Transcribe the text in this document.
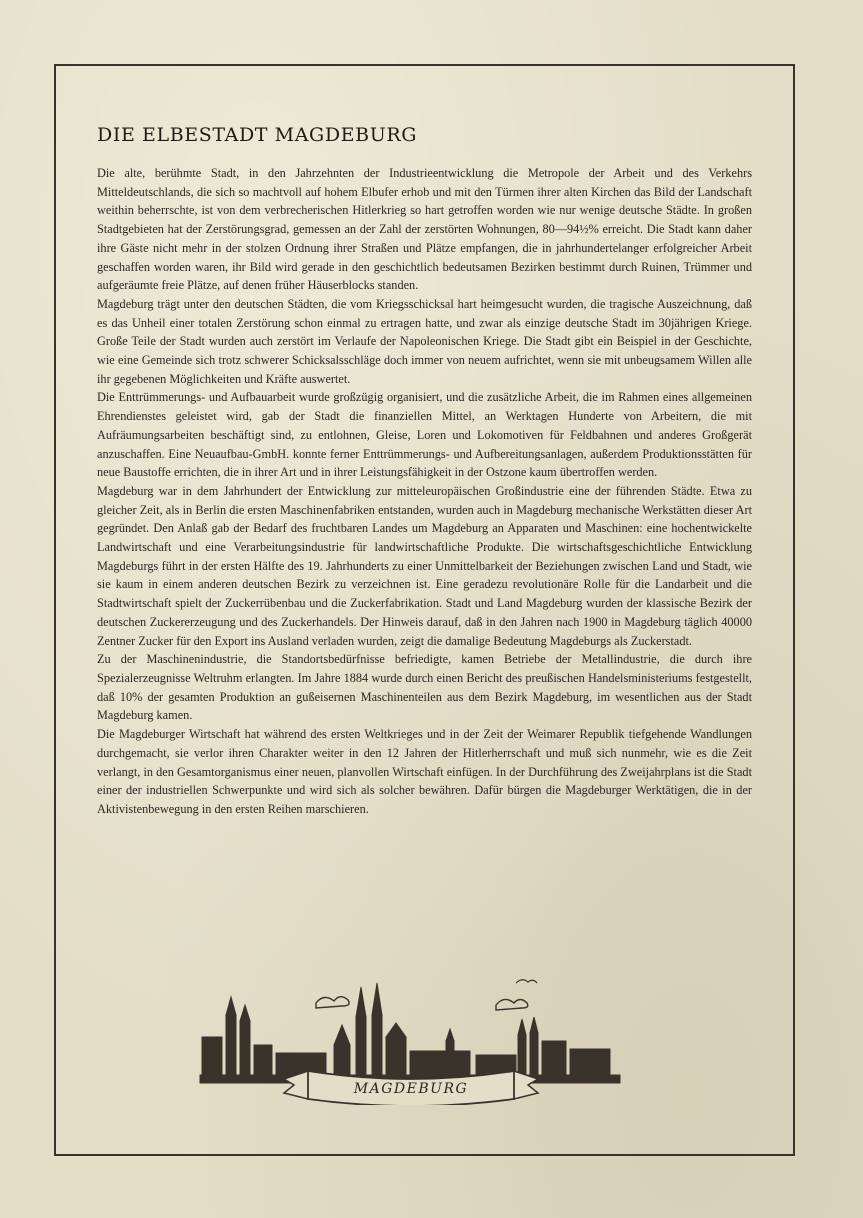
DIE ELBESTADT MAGDEBURG

Die alte, berühmte Stadt, in den Jahrzehnten der Industrieentwicklung die Metropole der Arbeit und des Verkehrs Mitteldeutschlands, die sich so machtvoll auf hohem Elbufer erhob und mit den Türmen ihrer alten Kirchen das Bild der Landschaft weithin beherrschte, ist von dem verbrecherischen Hitlerkrieg so hart getroffen worden wie nur wenige deutsche Städte. In großen Stadtgebieten hat der Zerstörungsgrad, gemessen an der Zahl der zerstörten Wohnungen, 80—94½% erreicht. Die Stadt kann daher ihre Gäste nicht mehr in der stolzen Ordnung ihrer Straßen und Plätze empfangen, die in jahrhundertelanger erfolgreicher Arbeit geschaffen worden waren, ihr Bild wird gerade in den geschichtlich bedeutsamen Bezirken bestimmt durch Ruinen, Trümmer und aufgeräumte freie Plätze, auf denen früher Häuserblocks standen.

Magdeburg trägt unter den deutschen Städten, die vom Kriegsschicksal hart heimgesucht wurden, die tragische Auszeichnung, daß es das Unheil einer totalen Zerstörung schon einmal zu ertragen hatte, und zwar als einzige deutsche Stadt im 30jährigen Kriege. Große Teile der Stadt wurden auch zerstört im Verlaufe der Napoleonischen Kriege. Die Stadt gibt ein Beispiel in der Geschichte, wie eine Gemeinde sich trotz schwerer Schicksalsschläge doch immer von neuem aufrichtet, wenn sie mit unbeugsamem Willen alle ihr gegebenen Möglichkeiten und Kräfte auswertet.

Die Enttrümmerungs- und Aufbauarbeit wurde großzügig organisiert, und die zusätzliche Arbeit, die im Rahmen eines allgemeinen Ehrendienstes geleistet wird, gab der Stadt die finanziellen Mittel, an Werktagen Hunderte von Arbeitern, die mit Aufräumungsarbeiten beschäftigt sind, zu entlohnen, Gleise, Loren und Lokomotiven für Feldbahnen und anderes Großgerät anzuschaffen. Eine Neuaufbau-GmbH. konnte ferner Enttrümmerungs- und Aufbereitungsanlagen, außerdem Produktionsstätten für neue Baustoffe errichten, die in ihrer Art und in ihrer Leistungsfähigkeit in der Ostzone kaum übertroffen werden.

Magdeburg war in dem Jahrhundert der Entwicklung zur mitteleuropäischen Großindustrie eine der führenden Städte. Etwa zu gleicher Zeit, als in Berlin die ersten Maschinenfabriken entstanden, wurden auch in Magdeburg mechanische Werkstätten dieser Art gegründet. Den Anlaß gab der Bedarf des fruchtbaren Landes um Magdeburg an Apparaten und Maschinen: eine hochentwickelte Landwirtschaft und eine Verarbeitungsindustrie für landwirtschaftliche Produkte. Die wirtschaftsgeschichtliche Entwicklung Magdeburgs führt in der ersten Hälfte des 19. Jahrhunderts zu einer Unmittelbarkeit der Beziehungen zwischen Land und Stadt, wie sie kaum in einem anderen deutschen Bezirk zu verzeichnen ist. Eine geradezu revolutionäre Rolle für die Landarbeit und die Stadtwirtschaft spielt der Zuckerrübenbau und die Zuckerfabrikation. Stadt und Land Magdeburg wurden der klassische Bezirk der deutschen Zuckererzeugung und des Zuckerhandels. Der Hinweis darauf, daß in den Jahren nach 1900 in Magdeburg täglich 40000 Zentner Zucker für den Export ins Ausland verladen wurden, zeigt die damalige Bedeutung Magdeburgs als Zuckerstadt.

Zu der Maschinenindustrie, die Standortsbedürfnisse befriedigte, kamen Betriebe der Metallindustrie, die durch ihre Spezialerzeugnisse Weltruhm erlangten. Im Jahre 1884 wurde durch einen Bericht des preußischen Handelsministeriums festgestellt, daß 10% der gesamten Produktion an gußeisernen Maschinenteilen aus dem Bezirk Magdeburg, im wesentlichen aus der Stadt Magdeburg kamen.

Die Magdeburger Wirtschaft hat während des ersten Weltkrieges und in der Zeit der Weimarer Republik tiefgehende Wandlungen durchgemacht, sie verlor ihren Charakter weiter in den 12 Jahren der Hitlerherrschaft und muß sich nunmehr, wie es die Zeit verlangt, in den Gesamtorganismus einer neuen, planvollen Wirtschaft einfügen. In der Durchführung des Zweijahrplans ist die Stadt einer der industriellen Schwerpunkte und wird sich als solcher bewähren. Dafür bürgen die Magdeburger Werktätigen, die in der Aktivistenbewegung in den ersten Reihen marschieren.

MAGDEBURG
